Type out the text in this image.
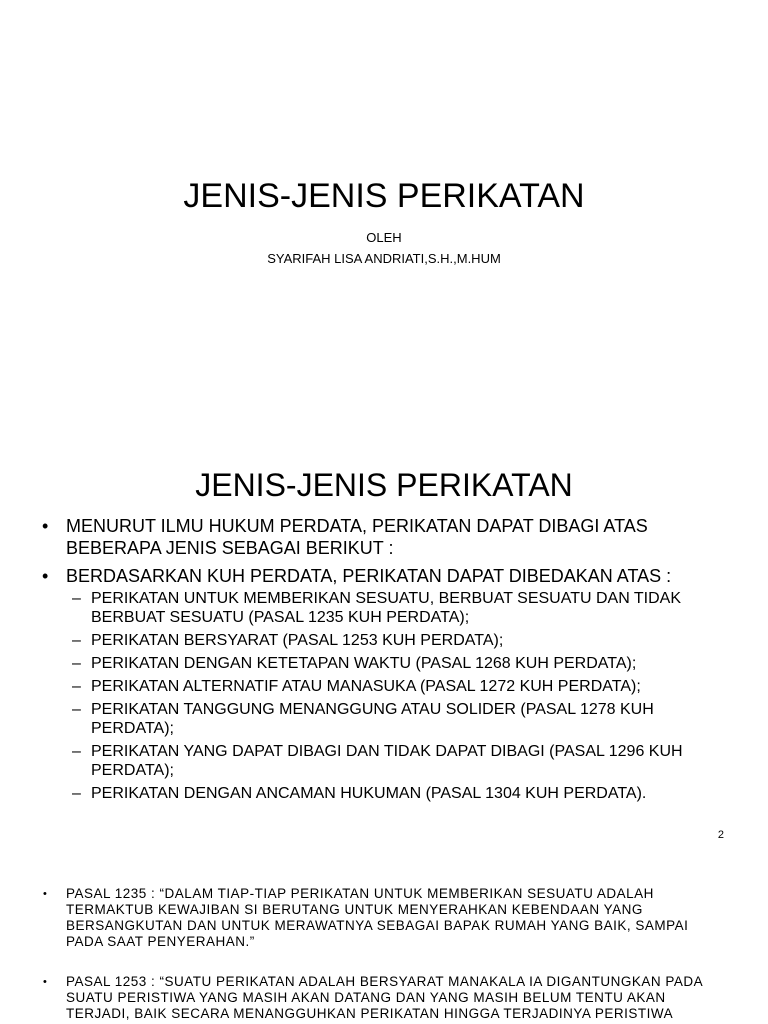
JENIS-JENIS PERIKATAN
OLEH
SYARIFAH LISA ANDRIATI,S.H.,M.HUM
JENIS-JENIS PERIKATAN
• MENURUT ILMU HUKUM PERDATA, PERIKATAN DAPAT DIBAGI ATAS BEBERAPA JENIS SEBAGAI BERIKUT :
• BERDASARKAN KUH PERDATA, PERIKATAN DAPAT DIBEDAKAN ATAS :
– PERIKATAN UNTUK MEMBERIKAN SESUATU, BERBUAT SESUATU DAN TIDAK BERBUAT SESUATU (PASAL 1235 KUH PERDATA);
– PERIKATAN BERSYARAT (PASAL 1253 KUH PERDATA);
– PERIKATAN DENGAN KETETAPAN WAKTU (PASAL 1268 KUH PERDATA);
– PERIKATAN ALTERNATIF ATAU MANASUKA (PASAL 1272 KUH PERDATA);
– PERIKATAN TANGGUNG MENANGGUNG ATAU SOLIDER (PASAL 1278 KUH PERDATA);
– PERIKATAN YANG DAPAT DIBAGI DAN TIDAK DAPAT DIBAGI (PASAL 1296 KUH PERDATA);
– PERIKATAN DENGAN ANCAMAN HUKUMAN (PASAL 1304 KUH PERDATA).
2
• PASAL 1235 : “DALAM TIAP-TIAP PERIKATAN UNTUK MEMBERIKAN SESUATU ADALAH TERMAKTUB KEWAJIBAN SI BERUTANG UNTUK MENYERAHKAN KEBENDAAN YANG BERSANGKUTAN DAN UNTUK MERAWATNYA SEBAGAI BAPAK RUMAH YANG BAIK, SAMPAI PADA SAAT PENYERAHAN.”
• PASAL 1253 : “SUATU PERIKATAN ADALAH BERSYARAT MANAKALA IA DIGANTUNGKAN PADA SUATU PERISTIWA YANG MASIH AKAN DATANG DAN YANG MASIH BELUM TENTU AKAN TERJADI, BAIK SECARA MENANGGUHKAN PERIKATAN HINGGA TERJADINYA PERISTIWA
